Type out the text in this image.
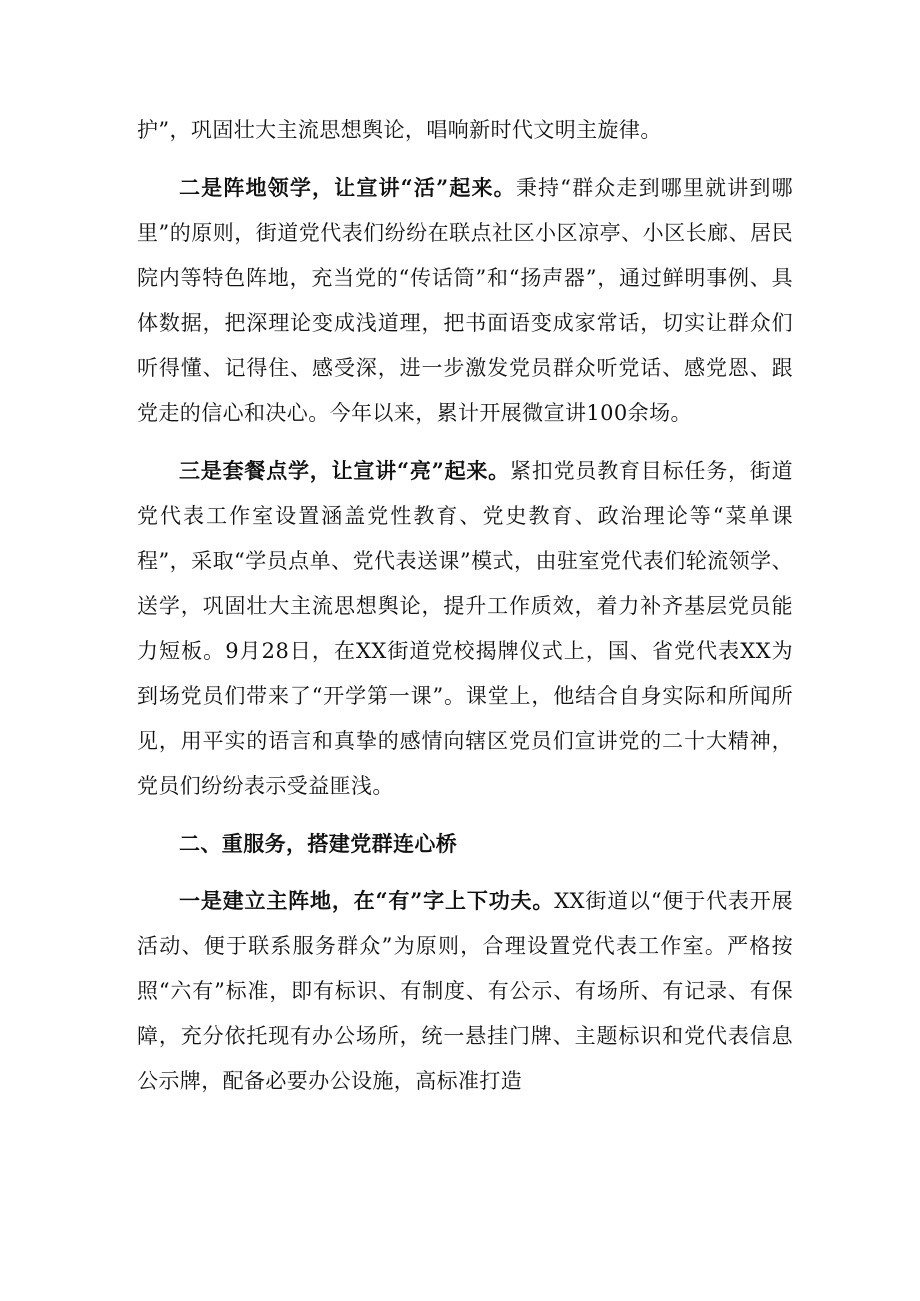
护”，巩固壮大主流思想舆论，唱响新时代文明主旋律。

二是阵地领学，让宣讲“活”起来。秉持“群众走到哪里就讲到哪里”的原则，街道党代表们纷纷在联点社区小区凉亭、小区长廊、居民院内等特色阵地，充当党的“传话筒”和“扬声器”，通过鲜明事例、具体数据，把深理论变成浅道理，把书面语变成家常话，切实让群众们听得懂、记得住、感受深，进一步激发党员群众听党话、感党恩、跟党走的信心和决心。今年以来，累计开展微宣讲100余场。

三是套餐点学，让宣讲“亮”起来。紧扣党员教育目标任务，街道党代表工作室设置涵盖党性教育、党史教育、政治理论等“菜单课程”，采取“学员点单、党代表送课”模式，由驻室党代表们轮流领学、送学，巩固壮大主流思想舆论，提升工作质效，着力补齐基层党员能力短板。9月28日，在XX街道党校揭牌仪式上，国、省党代表XX为到场党员们带来了“开学第一课”。课堂上，他结合自身实际和所闻所见，用平实的语言和真挚的感情向辖区党员们宣讲党的二十大精神，党员们纷纷表示受益匪浅。

二、重服务，搭建党群连心桥

一是建立主阵地，在“有”字上下功夫。XX街道以“便于代表开展活动、便于联系服务群众”为原则，合理设置党代表工作室。严格按照“六有”标准，即有标识、有制度、有公示、有场所、有记录、有保障，充分依托现有办公场所，统一悬挂门牌、主题标识和党代表信息公示牌，配备必要办公设施，高标准打造
